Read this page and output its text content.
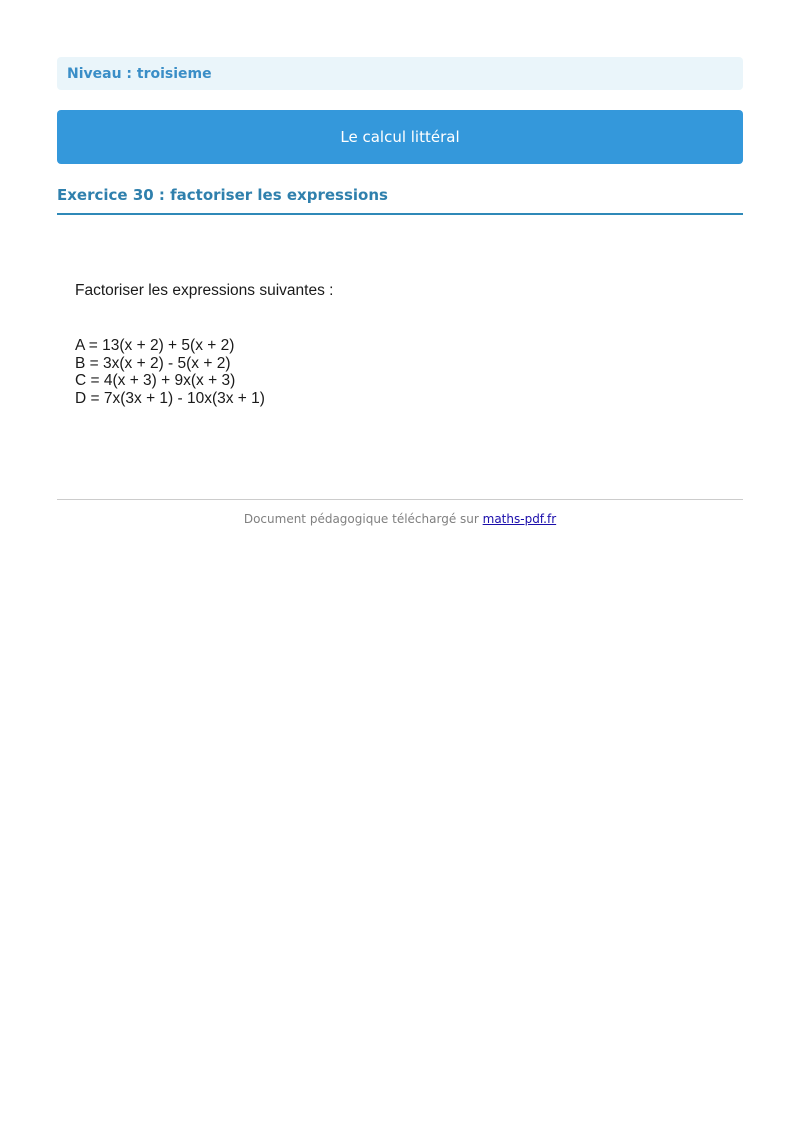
Niveau : troisieme
Le calcul littéral
Exercice 30 : factoriser les expressions

Factoriser les expressions suivantes :

A = 13(x + 2) + 5(x + 2)
B = 3x(x + 2) - 5(x + 2)
C = 4(x + 3) + 9x(x + 3)
D = 7x(3x + 1) - 10x(3x + 1)
Document pédagogique téléchargé sur maths-pdf.fr
